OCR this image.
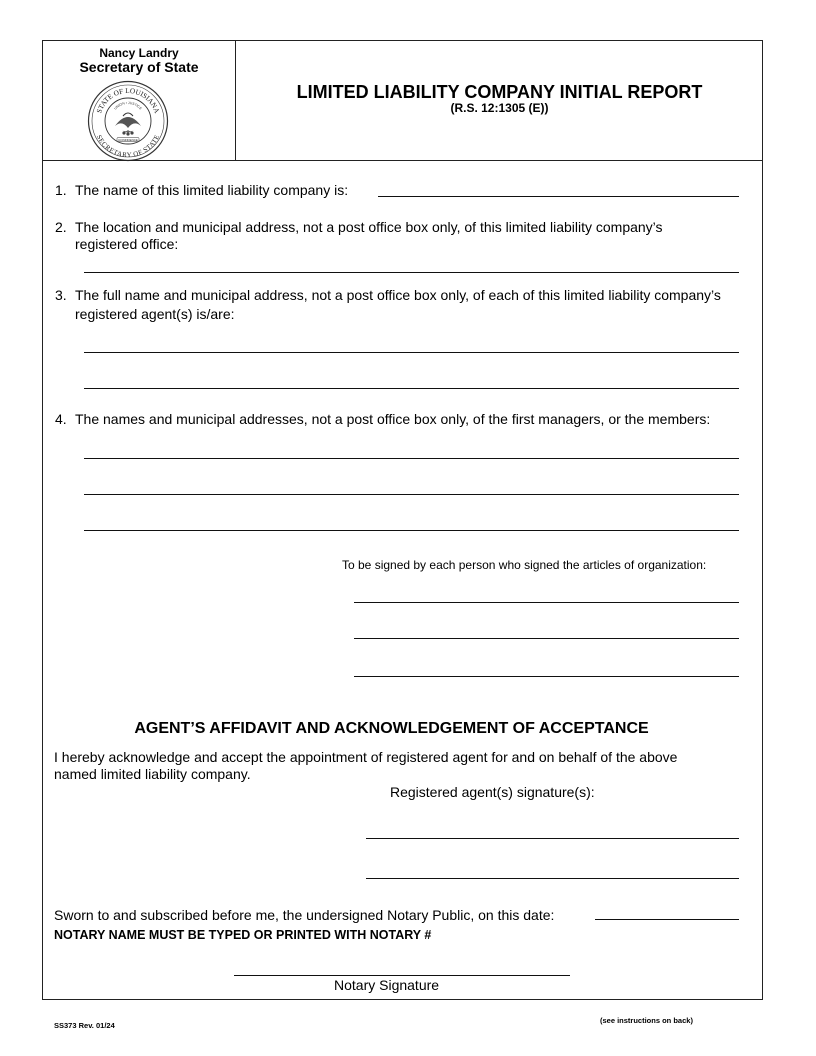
Nancy Landry
Secretary of State
STATE OF LOUISIANA
SECRETARY OF STATE
UNION • JUSTICE
CONFIDENCE
LIMITED LIABILITY COMPANY INITIAL REPORT
(R.S. 12:1305 (E))
1. The name of this limited liability company is:
2. The location and municipal address, not a post office box only, of this limited liability company’s
registered office:
3. The full name and municipal address, not a post office box only, of each of this limited liability company’s
registered agent(s) is/are:
4. The names and municipal addresses, not a post office box only, of the first managers, or the members:
To be signed by each person who signed the articles of organization:
AGENT’S AFFIDAVIT AND ACKNOWLEDGEMENT OF ACCEPTANCE
I hereby acknowledge and accept the appointment of registered agent for and on behalf of the above
named limited liability company.
Registered agent(s) signature(s):
Sworn to and subscribed before me, the undersigned Notary Public, on this date:
NOTARY NAME MUST BE TYPED OR PRINTED WITH NOTARY #
Notary Signature
SS373 Rev. 01/24
(see instructions on back)
